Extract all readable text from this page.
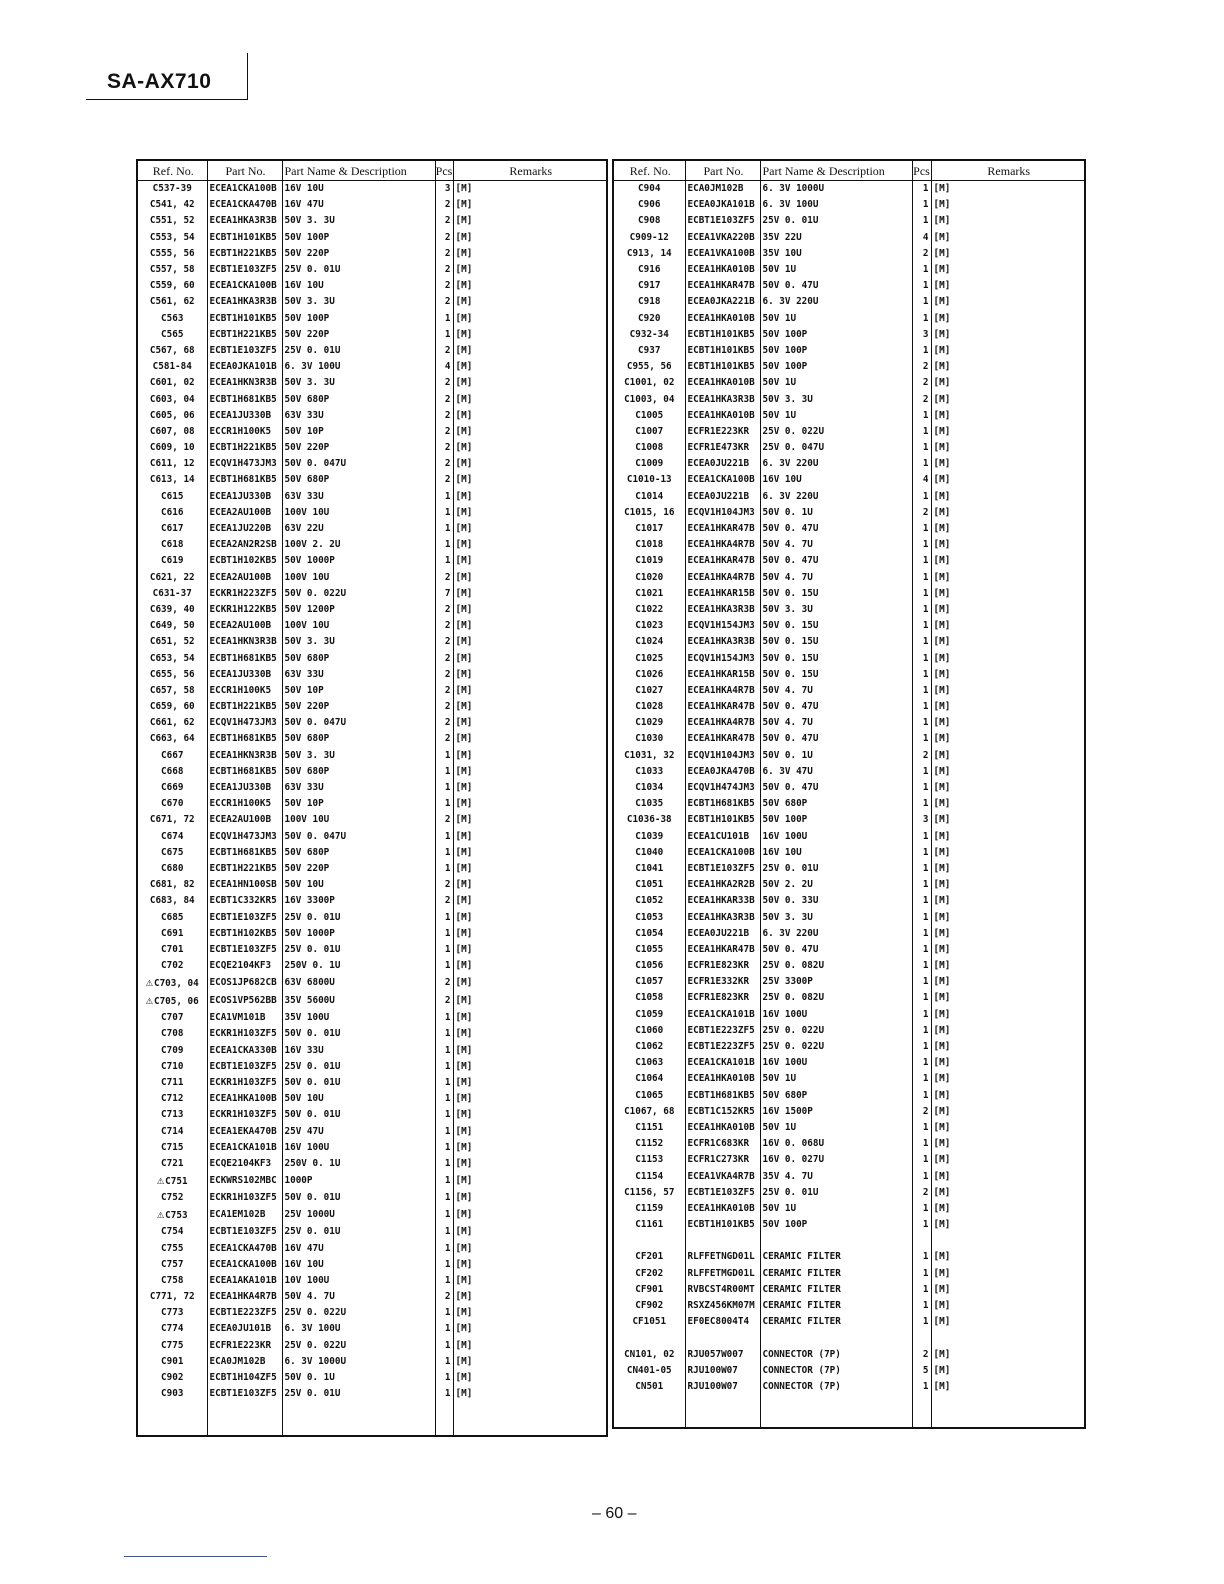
SA-AX710
Ref. No.	Part No.	Part Name & Description	Pcs	Remarks
C537-39	ECEA1CKA100B	16V 10U	3	[M]
C541, 42	ECEA1CKA470B	16V 47U	2	[M]
C551, 52	ECEA1HKA3R3B	50V 3. 3U	2	[M]
C553, 54	ECBT1H101KB5	50V 100P	2	[M]
C555, 56	ECBT1H221KB5	50V 220P	2	[M]
C557, 58	ECBT1E103ZF5	25V 0. 01U	2	[M]
C559, 60	ECEA1CKA100B	16V 10U	2	[M]
C561, 62	ECEA1HKA3R3B	50V 3. 3U	2	[M]
C563	ECBT1H101KB5	50V 100P	1	[M]
C565	ECBT1H221KB5	50V 220P	1	[M]
C567, 68	ECBT1E103ZF5	25V 0. 01U	2	[M]
C581-84	ECEA0JKA101B	6. 3V 100U	4	[M]
C601, 02	ECEA1HKN3R3B	50V 3. 3U	2	[M]
C603, 04	ECBT1H681KB5	50V 680P	2	[M]
C605, 06	ECEA1JU330B	63V 33U	2	[M]
C607, 08	ECCR1H100K5	50V 10P	2	[M]
C609, 10	ECBT1H221KB5	50V 220P	2	[M]
C611, 12	ECQV1H473JM3	50V 0. 047U	2	[M]
C613, 14	ECBT1H681KB5	50V 680P	2	[M]
C615	ECEA1JU330B	63V 33U	1	[M]
C616	ECEA2AU100B	100V 10U	1	[M]
C617	ECEA1JU220B	63V 22U	1	[M]
C618	ECEA2AN2R2SB	100V 2. 2U	1	[M]
C619	ECBT1H102KB5	50V 1000P	1	[M]
C621, 22	ECEA2AU100B	100V 10U	2	[M]
C631-37	ECKR1H223ZF5	50V 0. 022U	7	[M]
C639, 40	ECKR1H122KB5	50V 1200P	2	[M]
C649, 50	ECEA2AU100B	100V 10U	2	[M]
C651, 52	ECEA1HKN3R3B	50V 3. 3U	2	[M]
C653, 54	ECBT1H681KB5	50V 680P	2	[M]
C655, 56	ECEA1JU330B	63V 33U	2	[M]
C657, 58	ECCR1H100K5	50V 10P	2	[M]
C659, 60	ECBT1H221KB5	50V 220P	2	[M]
C661, 62	ECQV1H473JM3	50V 0. 047U	2	[M]
C663, 64	ECBT1H681KB5	50V 680P	2	[M]
C667	ECEA1HKN3R3B	50V 3. 3U	1	[M]
C668	ECBT1H681KB5	50V 680P	1	[M]
C669	ECEA1JU330B	63V 33U	1	[M]
C670	ECCR1H100K5	50V 10P	1	[M]
C671, 72	ECEA2AU100B	100V 10U	2	[M]
C674	ECQV1H473JM3	50V 0. 047U	1	[M]
C675	ECBT1H681KB5	50V 680P	1	[M]
C680	ECBT1H221KB5	50V 220P	1	[M]
C681, 82	ECEA1HN100SB	50V 10U	2	[M]
C683, 84	ECBT1C332KR5	16V 3300P	2	[M]
C685	ECBT1E103ZF5	25V 0. 01U	1	[M]
C691	ECBT1H102KB5	50V 1000P	1	[M]
C701	ECBT1E103ZF5	25V 0. 01U	1	[M]
C702	ECQE2104KF3	250V 0. 1U	1	[M]
⚠C703, 04	ECOS1JP682CB	63V 6800U	2	[M]
⚠C705, 06	ECOS1VP562BB	35V 5600U	2	[M]
C707	ECA1VM101B	35V 100U	1	[M]
C708	ECKR1H103ZF5	50V 0. 01U	1	[M]
C709	ECEA1CKA330B	16V 33U	1	[M]
C710	ECBT1E103ZF5	25V 0. 01U	1	[M]
C711	ECKR1H103ZF5	50V 0. 01U	1	[M]
C712	ECEA1HKA100B	50V 10U	1	[M]
C713	ECKR1H103ZF5	50V 0. 01U	1	[M]
C714	ECEA1EKA470B	25V 47U	1	[M]
C715	ECEA1CKA101B	16V 100U	1	[M]
C721	ECQE2104KF3	250V 0. 1U	1	[M]
⚠C751	ECKWRS102MBC	1000P	1	[M]
C752	ECKR1H103ZF5	50V 0. 01U	1	[M]
⚠C753	ECA1EM102B	25V 1000U	1	[M]
C754	ECBT1E103ZF5	25V 0. 01U	1	[M]
C755	ECEA1CKA470B	16V 47U	1	[M]
C757	ECEA1CKA100B	16V 10U	1	[M]
C758	ECEA1AKA101B	10V 100U	1	[M]
C771, 72	ECEA1HKA4R7B	50V 4. 7U	2	[M]
C773	ECBT1E223ZF5	25V 0. 022U	1	[M]
C774	ECEA0JU101B	6. 3V 100U	1	[M]
C775	ECFR1E223KR	25V 0. 022U	1	[M]
C901	ECA0JM102B	6. 3V 1000U	1	[M]
C902	ECBT1H104ZF5	50V 0. 1U	1	[M]
C903	ECBT1E103ZF5	25V 0. 01U	1	[M]

Ref. No.	Part No.	Part Name & Description	Pcs	Remarks
C904	ECA0JM102B	6. 3V 1000U	1	[M]
C906	ECEA0JKA101B	6. 3V 100U	1	[M]
C908	ECBT1E103ZF5	25V 0. 01U	1	[M]
C909-12	ECEA1VKA220B	35V 22U	4	[M]
C913, 14	ECEA1VKA100B	35V 10U	2	[M]
C916	ECEA1HKA010B	50V 1U	1	[M]
C917	ECEA1HKAR47B	50V 0. 47U	1	[M]
C918	ECEA0JKA221B	6. 3V 220U	1	[M]
C920	ECEA1HKA010B	50V 1U	1	[M]
C932-34	ECBT1H101KB5	50V 100P	3	[M]
C937	ECBT1H101KB5	50V 100P	1	[M]
C955, 56	ECBT1H101KB5	50V 100P	2	[M]
C1001, 02	ECEA1HKA010B	50V 1U	2	[M]
C1003, 04	ECEA1HKA3R3B	50V 3. 3U	2	[M]
C1005	ECEA1HKA010B	50V 1U	1	[M]
C1007	ECFR1E223KR	25V 0. 022U	1	[M]
C1008	ECFR1E473KR	25V 0. 047U	1	[M]
C1009	ECEA0JU221B	6. 3V 220U	1	[M]
C1010-13	ECEA1CKA100B	16V 10U	4	[M]
C1014	ECEA0JU221B	6. 3V 220U	1	[M]
C1015, 16	ECQV1H104JM3	50V 0. 1U	2	[M]
C1017	ECEA1HKAR47B	50V 0. 47U	1	[M]
C1018	ECEA1HKA4R7B	50V 4. 7U	1	[M]
C1019	ECEA1HKAR47B	50V 0. 47U	1	[M]
C1020	ECEA1HKA4R7B	50V 4. 7U	1	[M]
C1021	ECEA1HKAR15B	50V 0. 15U	1	[M]
C1022	ECEA1HKA3R3B	50V 3. 3U	1	[M]
C1023	ECQV1H154JM3	50V 0. 15U	1	[M]
C1024	ECEA1HKA3R3B	50V 0. 15U	1	[M]
C1025	ECQV1H154JM3	50V 0. 15U	1	[M]
C1026	ECEA1HKAR15B	50V 0. 15U	1	[M]
C1027	ECEA1HKA4R7B	50V 4. 7U	1	[M]
C1028	ECEA1HKAR47B	50V 0. 47U	1	[M]
C1029	ECEA1HKA4R7B	50V 4. 7U	1	[M]
C1030	ECEA1HKAR47B	50V 0. 47U	1	[M]
C1031, 32	ECQV1H104JM3	50V 0. 1U	2	[M]
C1033	ECEA0JKA470B	6. 3V 47U	1	[M]
C1034	ECQV1H474JM3	50V 0. 47U	1	[M]
C1035	ECBT1H681KB5	50V 680P	1	[M]
C1036-38	ECBT1H101KB5	50V 100P	3	[M]
C1039	ECEA1CU101B	16V 100U	1	[M]
C1040	ECEA1CKA100B	16V 10U	1	[M]
C1041	ECBT1E103ZF5	25V 0. 01U	1	[M]
C1051	ECEA1HKA2R2B	50V 2. 2U	1	[M]
C1052	ECEA1HKAR33B	50V 0. 33U	1	[M]
C1053	ECEA1HKA3R3B	50V 3. 3U	1	[M]
C1054	ECEA0JU221B	6. 3V 220U	1	[M]
C1055	ECEA1HKAR47B	50V 0. 47U	1	[M]
C1056	ECFR1E823KR	25V 0. 082U	1	[M]
C1057	ECFR1E332KR	25V 3300P	1	[M]
C1058	ECFR1E823KR	25V 0. 082U	1	[M]
C1059	ECEA1CKA101B	16V 100U	1	[M]
C1060	ECBT1E223ZF5	25V 0. 022U	1	[M]
C1062	ECBT1E223ZF5	25V 0. 022U	1	[M]
C1063	ECEA1CKA101B	16V 100U	1	[M]
C1064	ECEA1HKA010B	50V 1U	1	[M]
C1065	ECBT1H681KB5	50V 680P	1	[M]
C1067, 68	ECBT1C152KR5	16V 1500P	2	[M]
C1151	ECEA1HKA010B	50V 1U	1	[M]
C1152	ECFR1C683KR	16V 0. 068U	1	[M]
C1153	ECFR1C273KR	16V 0. 027U	1	[M]
C1154	ECEA1VKA4R7B	35V 4. 7U	1	[M]
C1156, 57	ECBT1E103ZF5	25V 0. 01U	2	[M]
C1159	ECEA1HKA010B	50V 1U	1	[M]
C1161	ECBT1H101KB5	50V 100P	1	[M]

CF201	RLFFETNGD01L	CERAMIC FILTER	1	[M]
CF202	RLFFETMGD01L	CERAMIC FILTER	1	[M]
CF901	RVBCST4R00MT	CERAMIC FILTER	1	[M]
CF902	RSXZ456KM07M	CERAMIC FILTER	1	[M]
CF1051	EF0EC8004T4	CERAMIC FILTER	1	[M]

CN101, 02	RJU057W007	CONNECTOR (7P)	2	[M]
CN401-05	RJU100W07	CONNECTOR (7P)	5	[M]
CN501	RJU100W07	CONNECTOR (7P)	1	[M]

– 60 –
